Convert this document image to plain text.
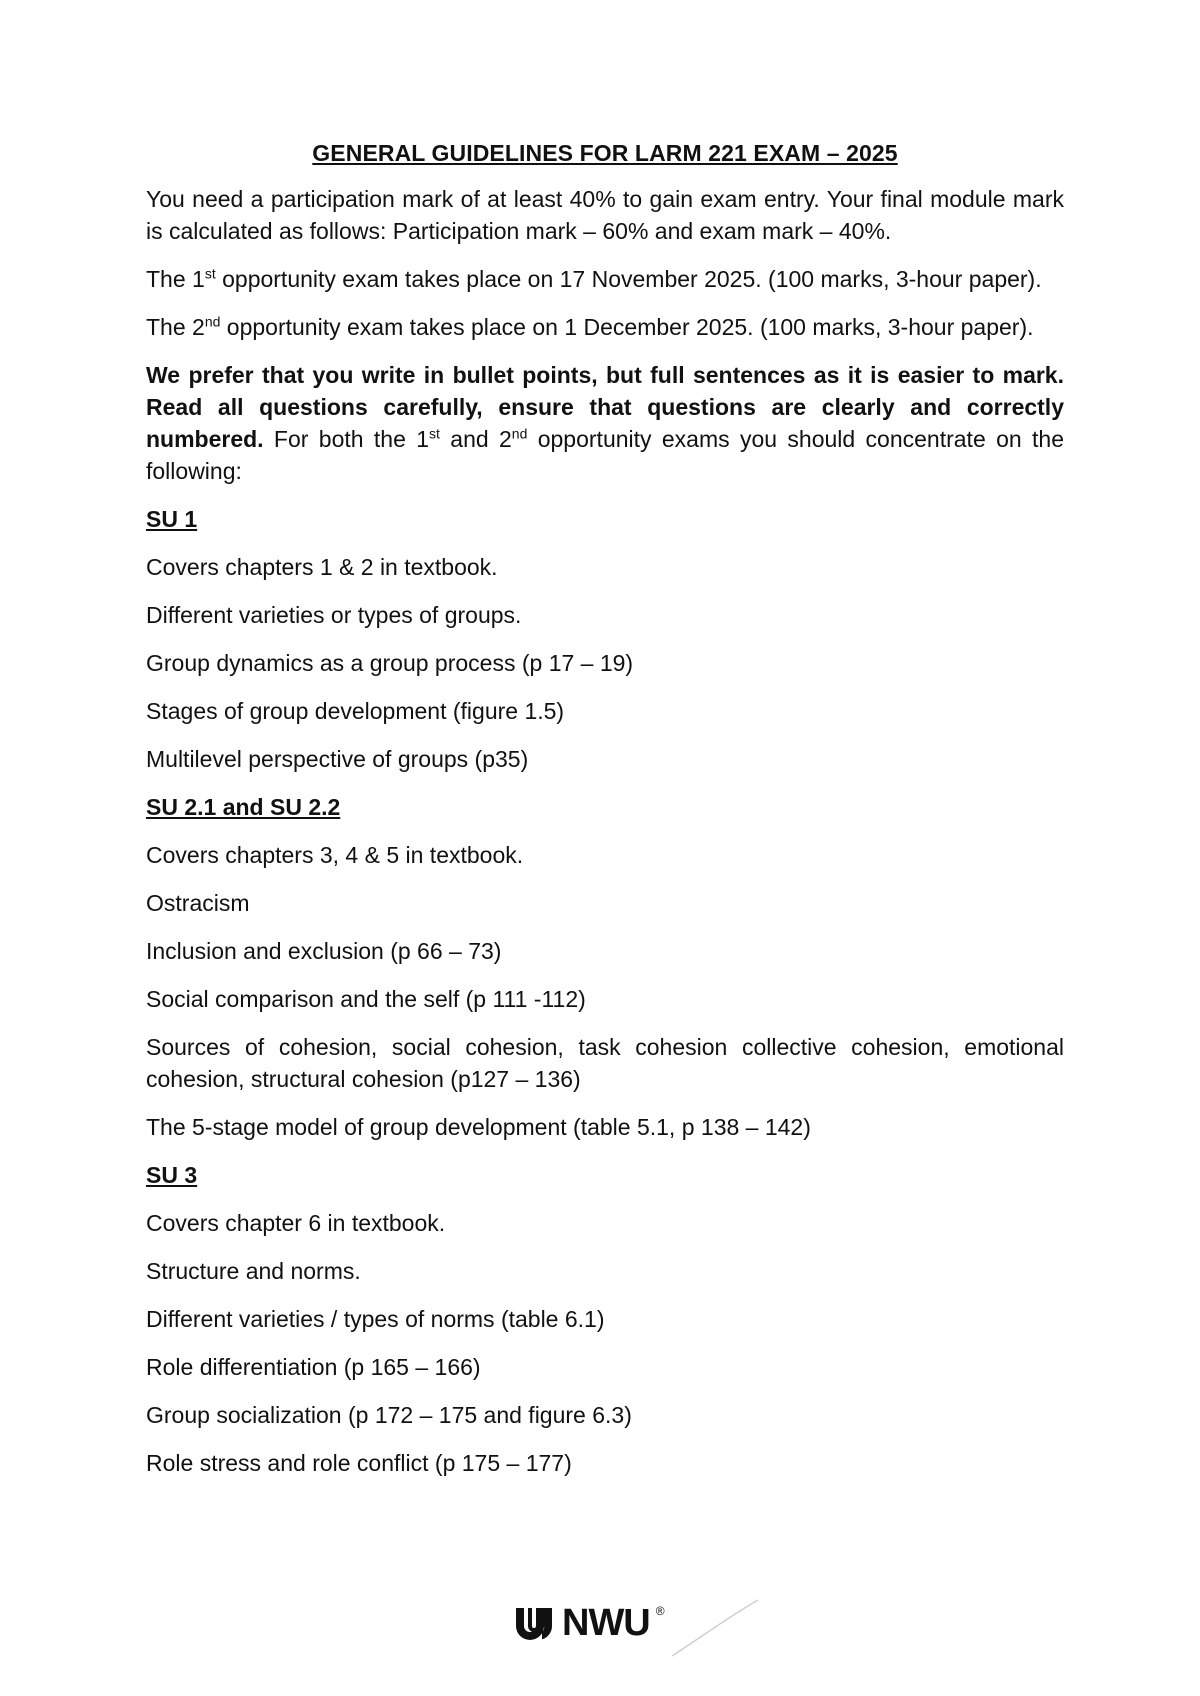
GENERAL GUIDELINES FOR LARM 221 EXAM – 2025

You need a participation mark of at least 40% to gain exam entry. Your final module mark is calculated as follows: Participation mark – 60% and exam mark – 40%.

The 1st opportunity exam takes place on 17 November 2025. (100 marks, 3-hour paper).

The 2nd opportunity exam takes place on 1 December 2025. (100 marks, 3-hour paper).

We prefer that you write in bullet points, but full sentences as it is easier to mark. Read all questions carefully, ensure that questions are clearly and correctly numbered. For both the 1st and 2nd opportunity exams you should concentrate on the following:

SU 1

Covers chapters 1 & 2 in textbook.

Different varieties or types of groups.

Group dynamics as a group process (p 17 – 19)

Stages of group development (figure 1.5)

Multilevel perspective of groups (p35)

SU 2.1 and SU 2.2

Covers chapters 3, 4 & 5 in textbook.

Ostracism

Inclusion and exclusion (p 66 – 73)

Social comparison and the self (p 111 -112)

Sources of cohesion, social cohesion, task cohesion collective cohesion, emotional cohesion, structural cohesion (p127 – 136)

The 5-stage model of group development (table 5.1, p 138 – 142)

SU 3

Covers chapter 6 in textbook.

Structure and norms.

Different varieties / types of norms (table 6.1)

Role differentiation (p 165 – 166)

Group socialization (p 172 – 175 and figure 6.3)

Role stress and role conflict (p 175 – 177)

NWU ®
